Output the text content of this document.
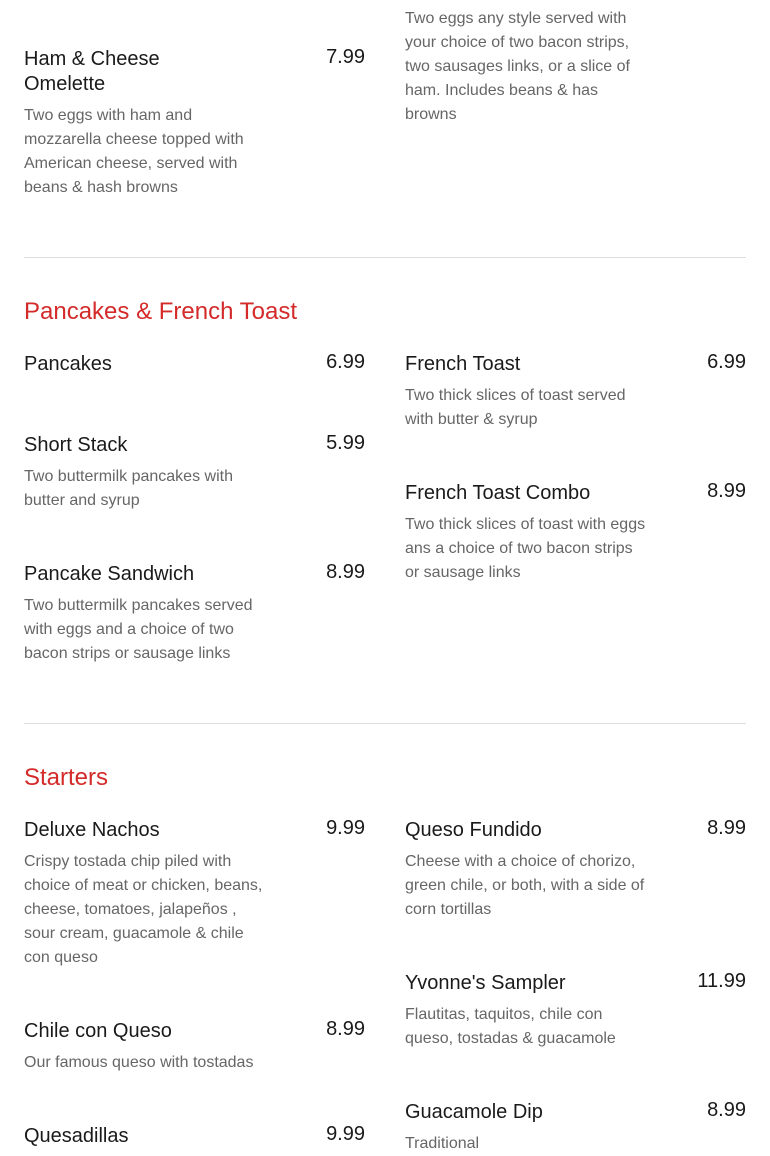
Ham & Cheese Omelette
7.99
Two eggs with ham and mozzarella cheese topped with American cheese, served with beans & hash browns
Two eggs any style served with your choice of two bacon strips, two sausages links, or a slice of ham. Includes beans & has browns
Pancakes & French Toast
Pancakes	6.99
Short Stack	5.99
Two buttermilk pancakes with butter and syrup
Pancake Sandwich	8.99
Two buttermilk pancakes served with eggs and a choice of two bacon strips or sausage links
French Toast	6.99
Two thick slices of toast served with butter & syrup
French Toast Combo	8.99
Two thick slices of toast with eggs ans a choice of two bacon strips or sausage links
Starters
Deluxe Nachos	9.99
Crispy tostada chip piled with choice of meat or chicken, beans, cheese, tomatoes, jalapeños , sour cream, guacamole & chile con queso
Chile con Queso	8.99
Our famous queso with tostadas
Quesadillas	9.99
Queso Fundido	8.99
Cheese with a choice of chorizo, green chile, or both, with a side of corn tortillas
Yvonne's Sampler	11.99
Flautitas, taquitos, chile con queso, tostadas & guacamole
Guacamole Dip	8.99
Traditional
